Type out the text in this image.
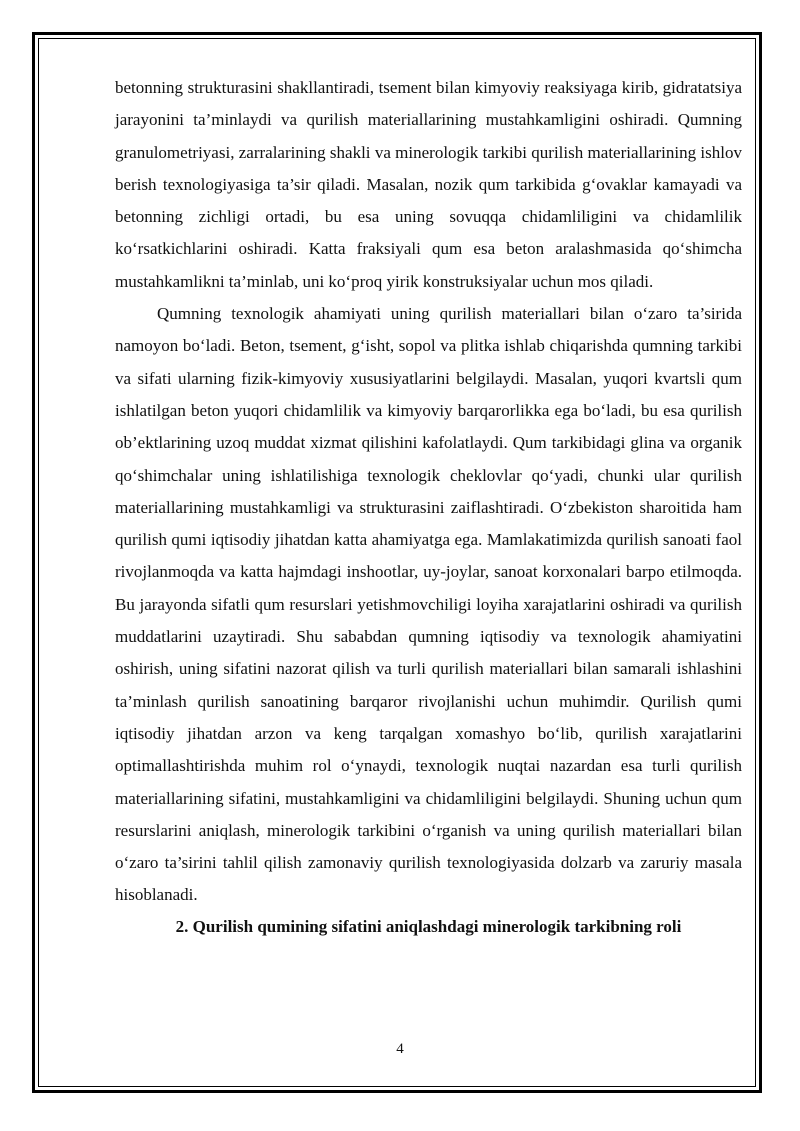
betonning strukturasini shakllantiradi, tsement bilan kimyoviy reaksiyaga kirib, gidratatsiya jarayonini ta’minlaydi va qurilish materiallarining mustahkamligini oshiradi. Qumning granulometriyasi, zarralarining shakli va minerologik tarkibi qurilish materiallarining ishlov berish texnologiyasiga ta’sir qiladi. Masalan, nozik qum tarkibida g‘ovaklar kamayadi va betonning zichligi ortadi, bu esa uning sovuqqa chidamliligini va chidamlilik ko‘rsatkichlarini oshiradi. Katta fraksiyali qum esa beton aralashmasida qo‘shimcha mustahkamlikni ta’minlab, uni ko‘proq yirik konstruksiyalar uchun mos qiladi.

Qumning texnologik ahamiyati uning qurilish materiallari bilan o‘zaro ta’sirida namoyon bo‘ladi. Beton, tsement, g‘isht, sopol va plitka ishlab chiqarishda qumning tarkibi va sifati ularning fizik-kimyoviy xususiyatlarini belgilaydi. Masalan, yuqori kvartsli qum ishlatilgan beton yuqori chidamlilik va kimyoviy barqarorlikka ega bo‘ladi, bu esa qurilish ob’ektlarining uzoq muddat xizmat qilishini kafolatlaydi. Qum tarkibidagi glina va organik qo‘shimchalar uning ishlatilishiga texnologik cheklovlar qo‘yadi, chunki ular qurilish materiallarining mustahkamligi va strukturasini zaiflashtiradi. O‘zbekiston sharoitida ham qurilish qumi iqtisodiy jihatdan katta ahamiyatga ega. Mamlakatimizda qurilish sanoati faol rivojlanmoqda va katta hajmdagi inshootlar, uy-joylar, sanoat korxonalari barpo etilmoqda. Bu jarayonda sifatli qum resurslari yetishmovchiligi loyiha xarajatlarini oshiradi va qurilish muddatlarini uzaytiradi. Shu sababdan qumning iqtisodiy va texnologik ahamiyatini oshirish, uning sifatini nazorat qilish va turli qurilish materiallari bilan samarali ishlashini ta’minlash qurilish sanoatining barqaror rivojlanishi uchun muhimdir. Qurilish qumi iqtisodiy jihatdan arzon va keng tarqalgan xomashyo bo‘lib, qurilish xarajatlarini optimallashtirishda muhim rol o‘ynaydi, texnologik nuqtai nazardan esa turli qurilish materiallarining sifatini, mustahkamligini va chidamliligini belgilaydi. Shuning uchun qum resurslarini aniqlash, minerologik tarkibini o‘rganish va uning qurilish materiallari bilan o‘zaro ta’sirini tahlil qilish zamonaviy qurilish texnologiyasida dolzarb va zaruriy masala hisoblanadi.

2. Qurilish qumining sifatini aniqlashdagi minerologik tarkibning roli

4
